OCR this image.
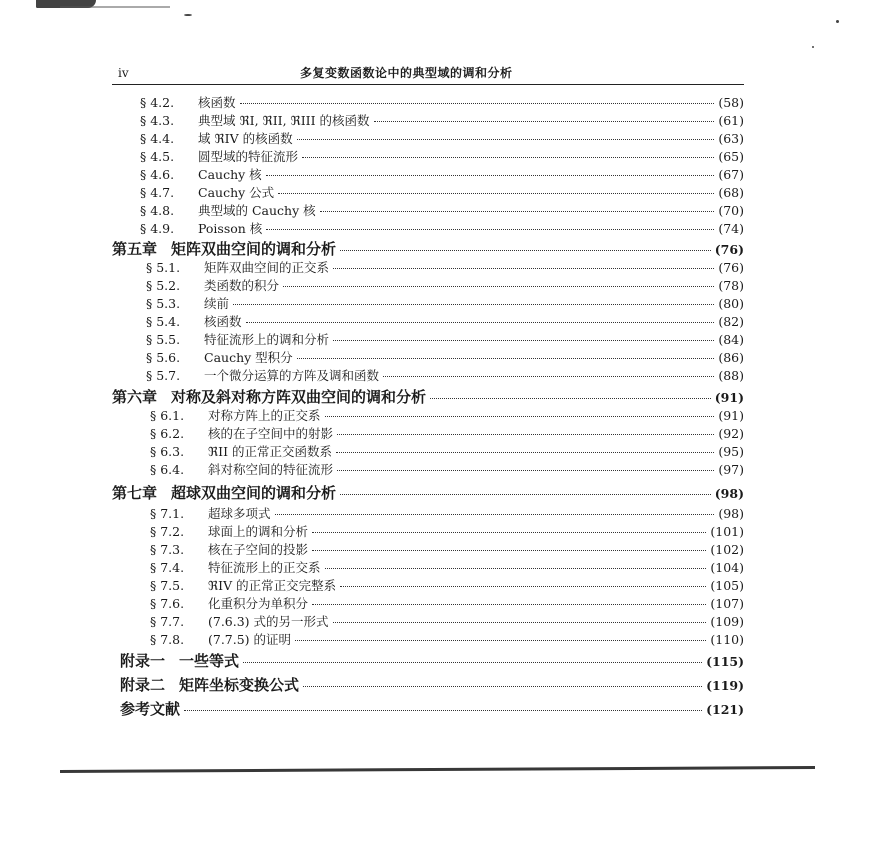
iv	多复变数函数论中的典型域的调和分析
§ 4.2.	核函数	(58)
§ 4.3.	典型域 ℜI, ℜII, ℜIII 的核函数	(61)
§ 4.4.	域 ℜIV 的核函数	(63)
§ 4.5.	圆型域的特征流形	(65)
§ 4.6.	Cauchy 核	(67)
§ 4.7.	Cauchy 公式	(68)
§ 4.8.	典型域的 Cauchy 核	(70)
§ 4.9.	Poisson 核	(74)
第五章 矩阵双曲空间的调和分析	(76)
§ 5.1.	矩阵双曲空间的正交系	(76)
§ 5.2.	类函数的积分	(78)
§ 5.3.	续前	(80)
§ 5.4.	核函数	(82)
§ 5.5.	特征流形上的调和分析	(84)
§ 5.6.	Cauchy 型积分	(86)
§ 5.7.	一个微分运算的方阵及调和函数	(88)
第六章 对称及斜对称方阵双曲空间的调和分析	(91)
§ 6.1.	对称方阵上的正交系	(91)
§ 6.2.	核的在子空间中的射影	(92)
§ 6.3.	ℜII 的正常正交函数系	(95)
§ 6.4.	斜对称空间的特征流形	(97)
第七章 超球双曲空间的调和分析	(98)
§ 7.1.	超球多项式	(98)
§ 7.2.	球面上的调和分析	(101)
§ 7.3.	核在子空间的投影	(102)
§ 7.4.	特征流形上的正交系	(104)
§ 7.5.	ℜIV 的正常正交完整系	(105)
§ 7.6.	化重积分为单积分	(107)
§ 7.7.	(7.6.3) 式的另一形式	(109)
§ 7.8.	(7.7.5) 的证明	(110)
附录一 一些等式	(115)
附录二 矩阵坐标变换公式	(119)
参考文献	(121)
